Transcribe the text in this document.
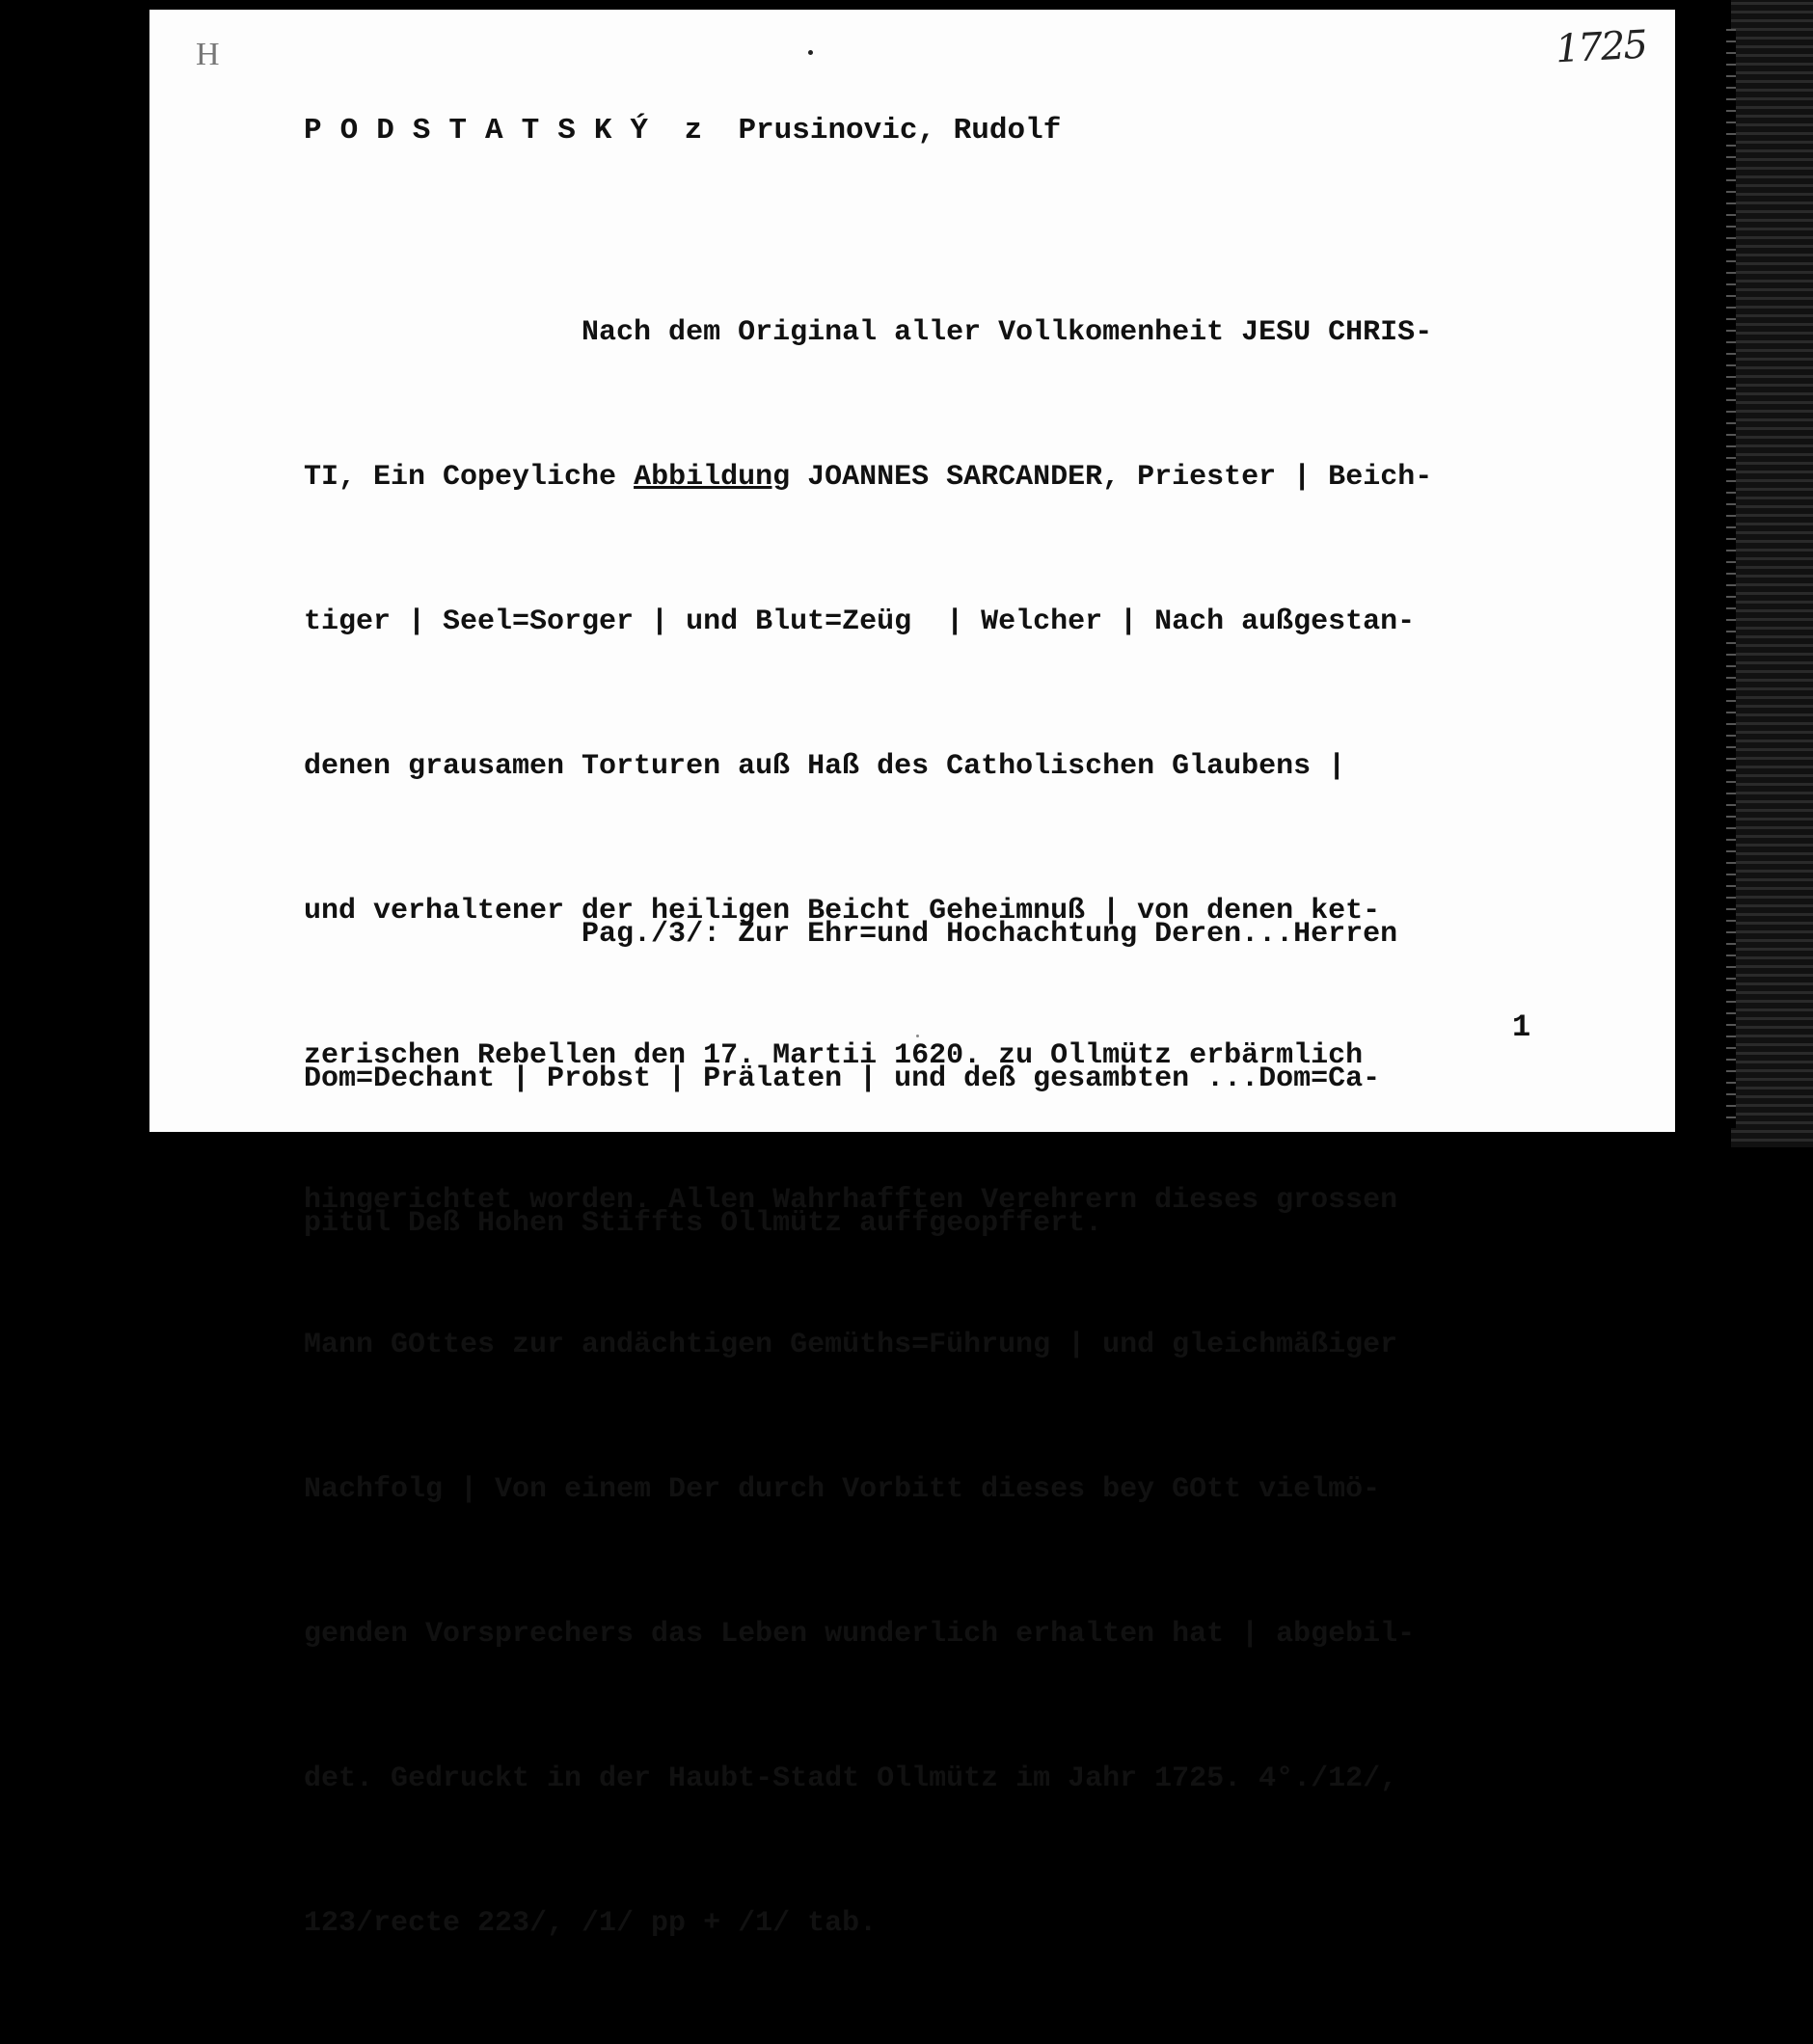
H	1725
PODSTATSKÝ z  Prusinovic, Rudolf

Nach dem Original aller Vollkomenheit JESU CHRIS-

TI, Ein Copeyliche Abbildung JOANNES SARCANDER, Priester | Beich-

tiger | Seel=Sorger | und Blut=Zeüg  | Welcher | Nach außgestan-

denen grausamen Torturen auß Haß des Catholischen Glaubens |

und verhaltener der heiligen Beicht Geheimnuß | von denen ket-

zerischen Rebellen den 17. Martii 1620. zu Ollmütz erbärmlich

hingerichtet worden. Allen Wahrhafften Verehrern dieses grossen

Mann GOttes zur andächtigen Gemüths=Führung | und gleichmäßiger

Nachfolg | Von einem Der durch Vorbitt dieses bey GOtt vielmö-

genden Vorsprechers das Leben wunderlich erhalten hat | abgebil-

det. Gedruckt in der Haubt-Stadt Ollmütz im Jahr 1725. 4°./12/,

123/recte 223/, /1/ pp + /1/ tab.

Pag./3/: Zur Ehr=und Hochachtung Deren...Herren

Dom=Dechant | Probst | Prälaten | und deß gesambten ...Dom=Ca-

pitul Deß Hohen Stiffts Ollmütz auffgeopffert.

1
